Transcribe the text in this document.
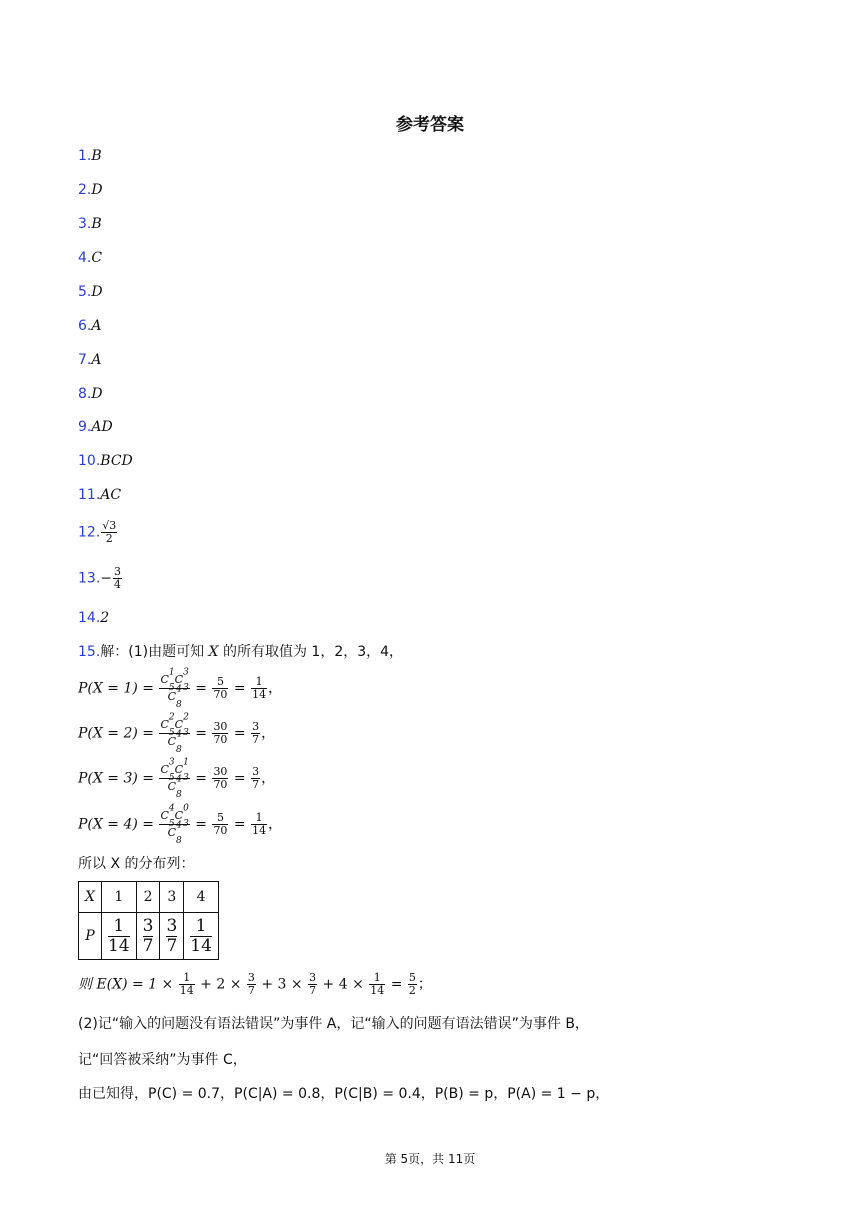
参考答案
1.B
2.D
3.B
4.C
5.D
6.A
7.A
8.D
9.AD
10.BCD
11.AC
12. $\frac{√3}{2}$
$13.- \frac{3}{4}$
14.2
15.解：(1)由题可知 X 的所有取值为 1，2，3，4，
P(X = 1) =
$C^1$
$_5C^3$
$_3$
$C^4$
$_8$
= $\frac{5}{70} = \frac{1}{14}$ ，
P(X = 2) =
$C^2$
$_5C^2$
$_3$
$C^4$
$_8$
= $\frac{30}{70} = \frac{3}{7}$ ，
P(X = 3) =
$C^3$
$_5C^1$
$_3$
$C^4$
$_8$
= $\frac{30}{70} = \frac{3}{7}$ ，
P(X = 4) =
$C^4$
$_5C^0$
$_3$
$C^4$
$_8$
= $\frac{5}{70} = \frac{1}{14}$ ，
所以 X 的分布列：
X	1	2	3	4
P	$\frac{1}{14}$	$\frac{3}{7}$	$\frac{3}{7}$	$\frac{1}{14}$
则 $E(X) = 1 \times \frac{1}{14} + 2 \times \frac{3}{7} + 3 \times \frac{3}{7} + 4 \times \frac{1}{14} = \frac{5}{2}$ ；
(2)记“输入的问题没有语法错误”为事件 A，记“输入的问题有语法错误”为事件 B，
记“回答被采纳”为事件 C，
由已知得，P(C) = 0.7，P(C|A) = 0.8，P(C|B) = 0.4，P(B) = p，P(A) = 1 − p，
第 5页，共 11页
